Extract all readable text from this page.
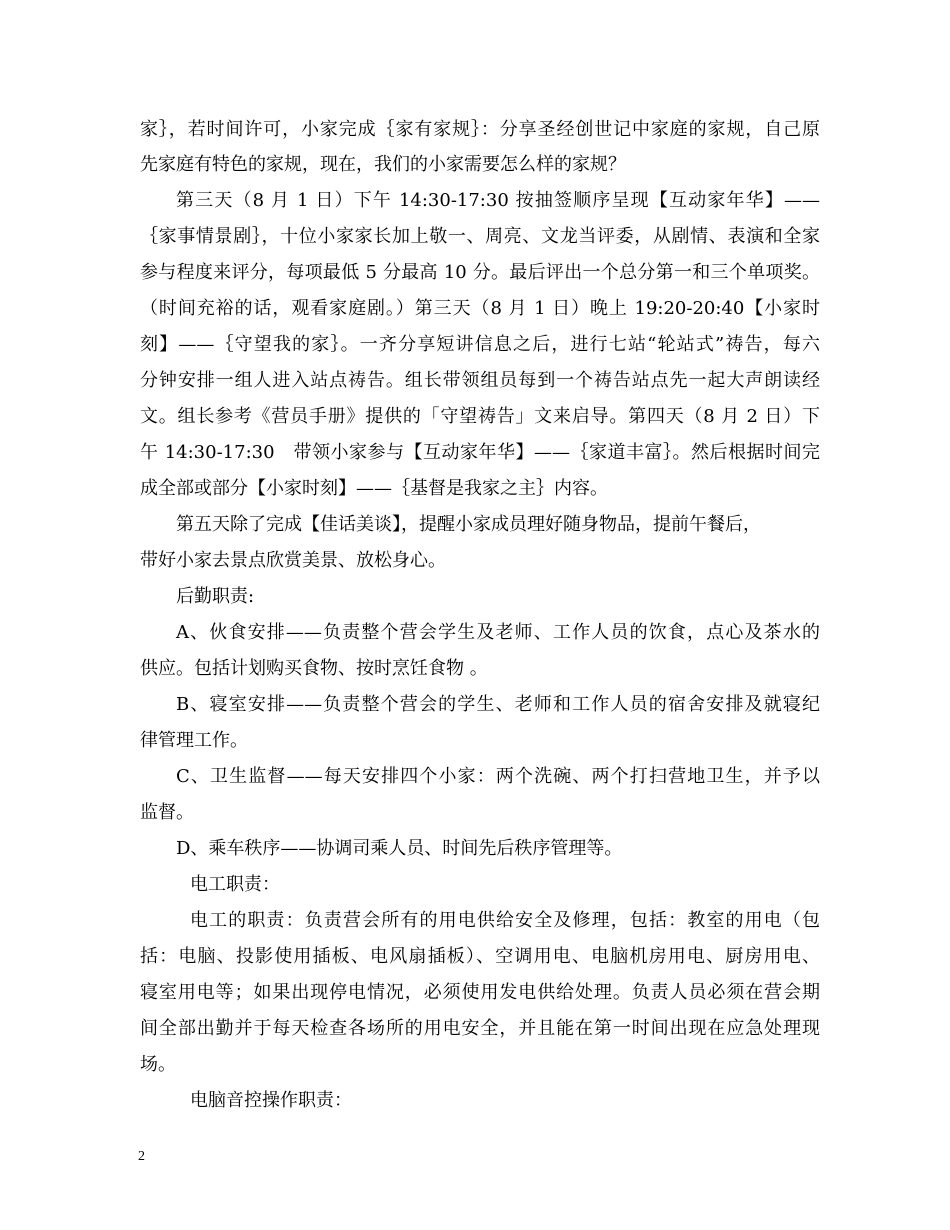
家｝，若时间许可，小家完成｛家有家规｝：分享圣经创世记中家庭的家规，自己原
先家庭有特色的家规，现在，我们的小家需要怎么样的家规？
第三天（8 月 1 日）下午 14:30-17:30 按抽签顺序呈现【互动家年华】——
｛家事情景剧｝，十位小家家长加上敬一、周亮、文龙当评委，从剧情、表演和全家
参与程度来评分，每项最低 5 分最高 10 分。最后评出一个总分第一和三个单项奖。
（时间充裕的话，观看家庭剧。）第三天（8 月 1 日）晚上 19:20-20:40【小家时
刻】——｛守望我的家｝。一齐分享短讲信息之后，进行七站“轮站式”祷告，每六
分钟安排一组人进入站点祷告。组长带领组员每到一个祷告站点先一起大声朗读经
文。组长参考《营员手册》提供的「守望祷告」文来启导。第四天（8 月 2 日）下
午 14:30-17:30　带领小家参与【互动家年华】——｛家道丰富｝。然后根据时间完
成全部或部分【小家时刻】——｛基督是我家之主｝内容。
第五天除了完成【佳话美谈】，提醒小家成员理好随身物品，提前午餐后，
带好小家去景点欣赏美景、放松身心。
后勤职责:
A、伙食安排——负责整个营会学生及老师、工作人员的饮食，点心及茶水的
供应。包括计划购买食物、按时烹饪食物 。
B、寝室安排——负责整个营会的学生、老师和工作人员的宿舍安排及就寝纪
律管理工作。
C、卫生监督——每天安排四个小家：两个洗碗、两个打扫营地卫生，并予以
监督。
D、乘车秩序——协调司乘人员、时间先后秩序管理等。
电工职责：
电工的职责：负责营会所有的用电供给安全及修理，包括：教室的用电（包
括：电脑、投影使用插板、电风扇插板）、空调用电、电脑机房用电、厨房用电、
寝室用电等；如果出现停电情况，必须使用发电供给处理。负责人员必须在营会期
间全部出勤并于每天检查各场所的用电安全，并且能在第一时间出现在应急处理现
场。
电脑音控操作职责：
2
